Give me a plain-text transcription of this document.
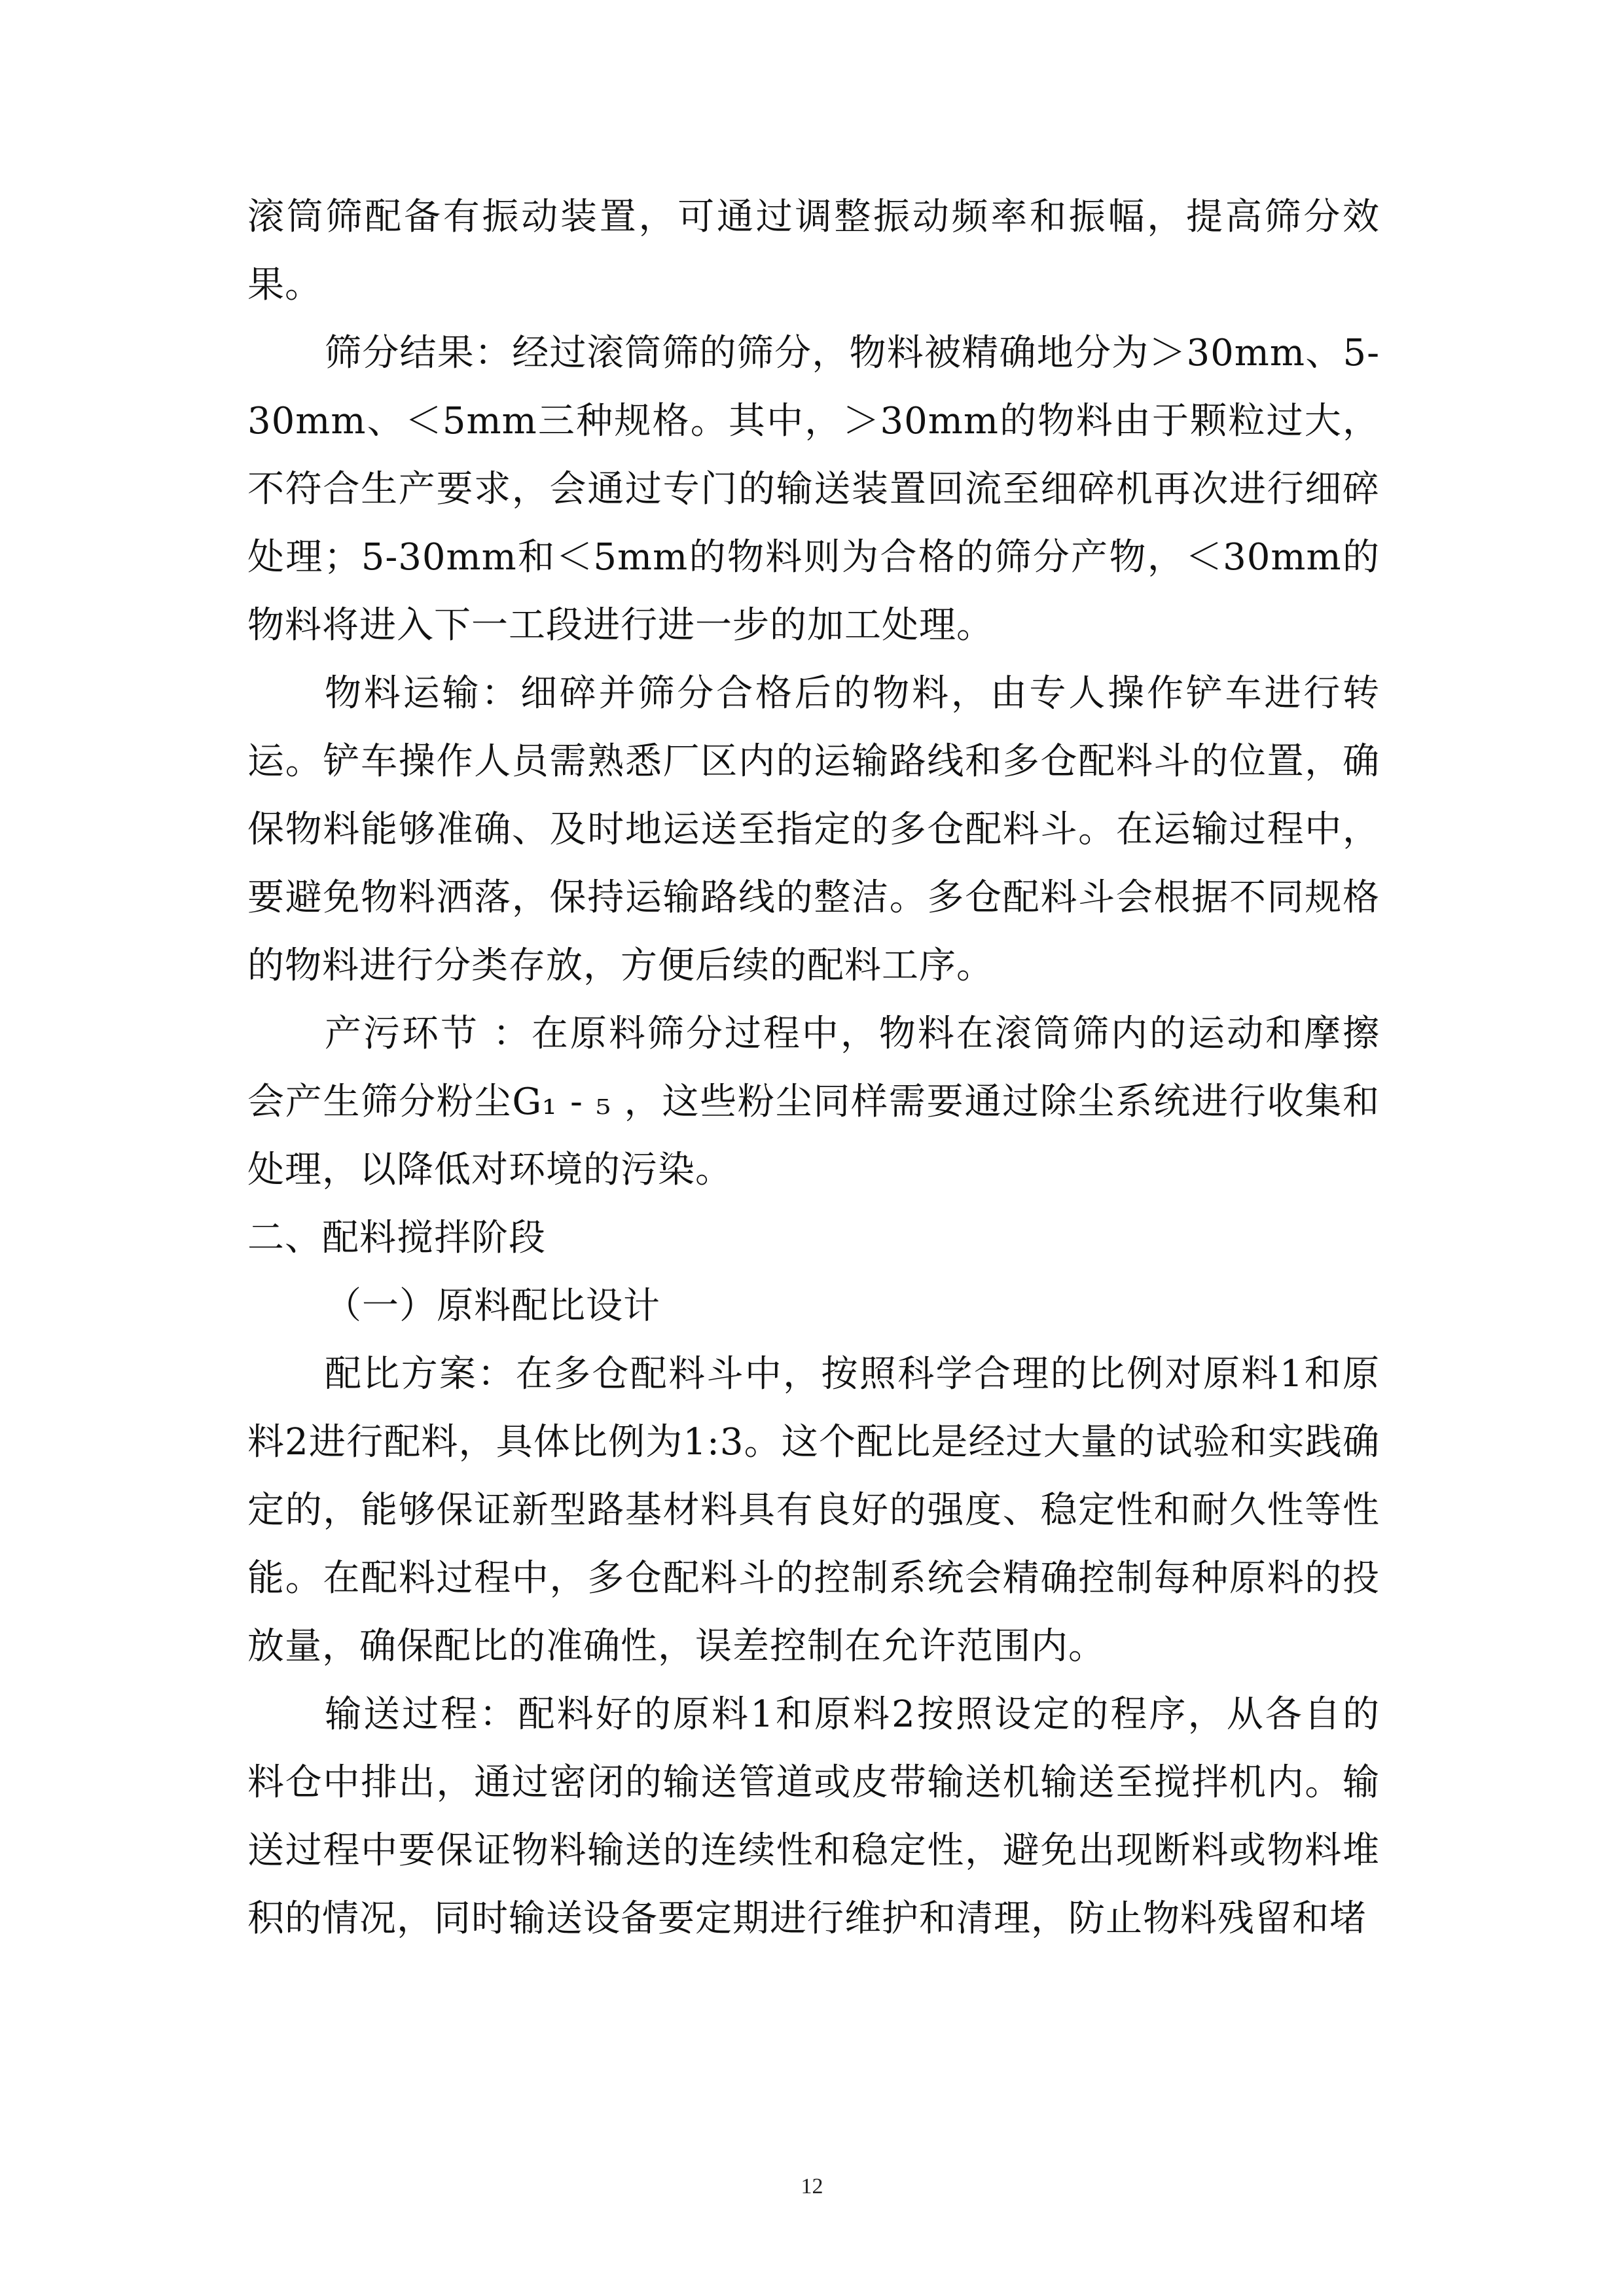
滚筒筛配备有振动装置，可通过调整振动频率和振幅，提高筛分效果。

筛分结果：经过滚筒筛的筛分，物料被精确地分为＞30mm、5-30mm、＜5mm三种规格。其中，＞30mm的物料由于颗粒过大，不符合生产要求，会通过专门的输送装置回流至细碎机再次进行细碎处理；5-30mm和＜5mm的物料则为合格的筛分产物，＜30mm的物料将进入下一工段进行进一步的加工处理。

物料运输：细碎并筛分合格后的物料，由专人操作铲车进行转运。铲车操作人员需熟悉厂区内的运输路线和多仓配料斗的位置，确保物料能够准确、及时地运送至指定的多仓配料斗。在运输过程中，要避免物料洒落，保持运输路线的整洁。多仓配料斗会根据不同规格的物料进行分类存放，方便后续的配料工序。

产污环节 ：在原料筛分过程中，物料在滚筒筛内的运动和摩擦会产生筛分粉尘G₁ - ₅ ，这些粉尘同样需要通过除尘系统进行收集和处理，以降低对环境的污染。

二、配料搅拌阶段

（一）原料配比设计

配比方案：在多仓配料斗中，按照科学合理的比例对原料1和原料2进行配料，具体比例为1:3。这个配比是经过大量的试验和实践确定的，能够保证新型路基材料具有良好的强度、稳定性和耐久性等性能。在配料过程中，多仓配料斗的控制系统会精确控制每种原料的投放量，确保配比的准确性，误差控制在允许范围内。

输送过程：配料好的原料1和原料2按照设定的程序，从各自的料仓中排出，通过密闭的输送管道或皮带输送机输送至搅拌机内。输送过程中要保证物料输送的连续性和稳定性，避免出现断料或物料堆积的情况，同时输送设备要定期进行维护和清理，防止物料残留和堵

12
